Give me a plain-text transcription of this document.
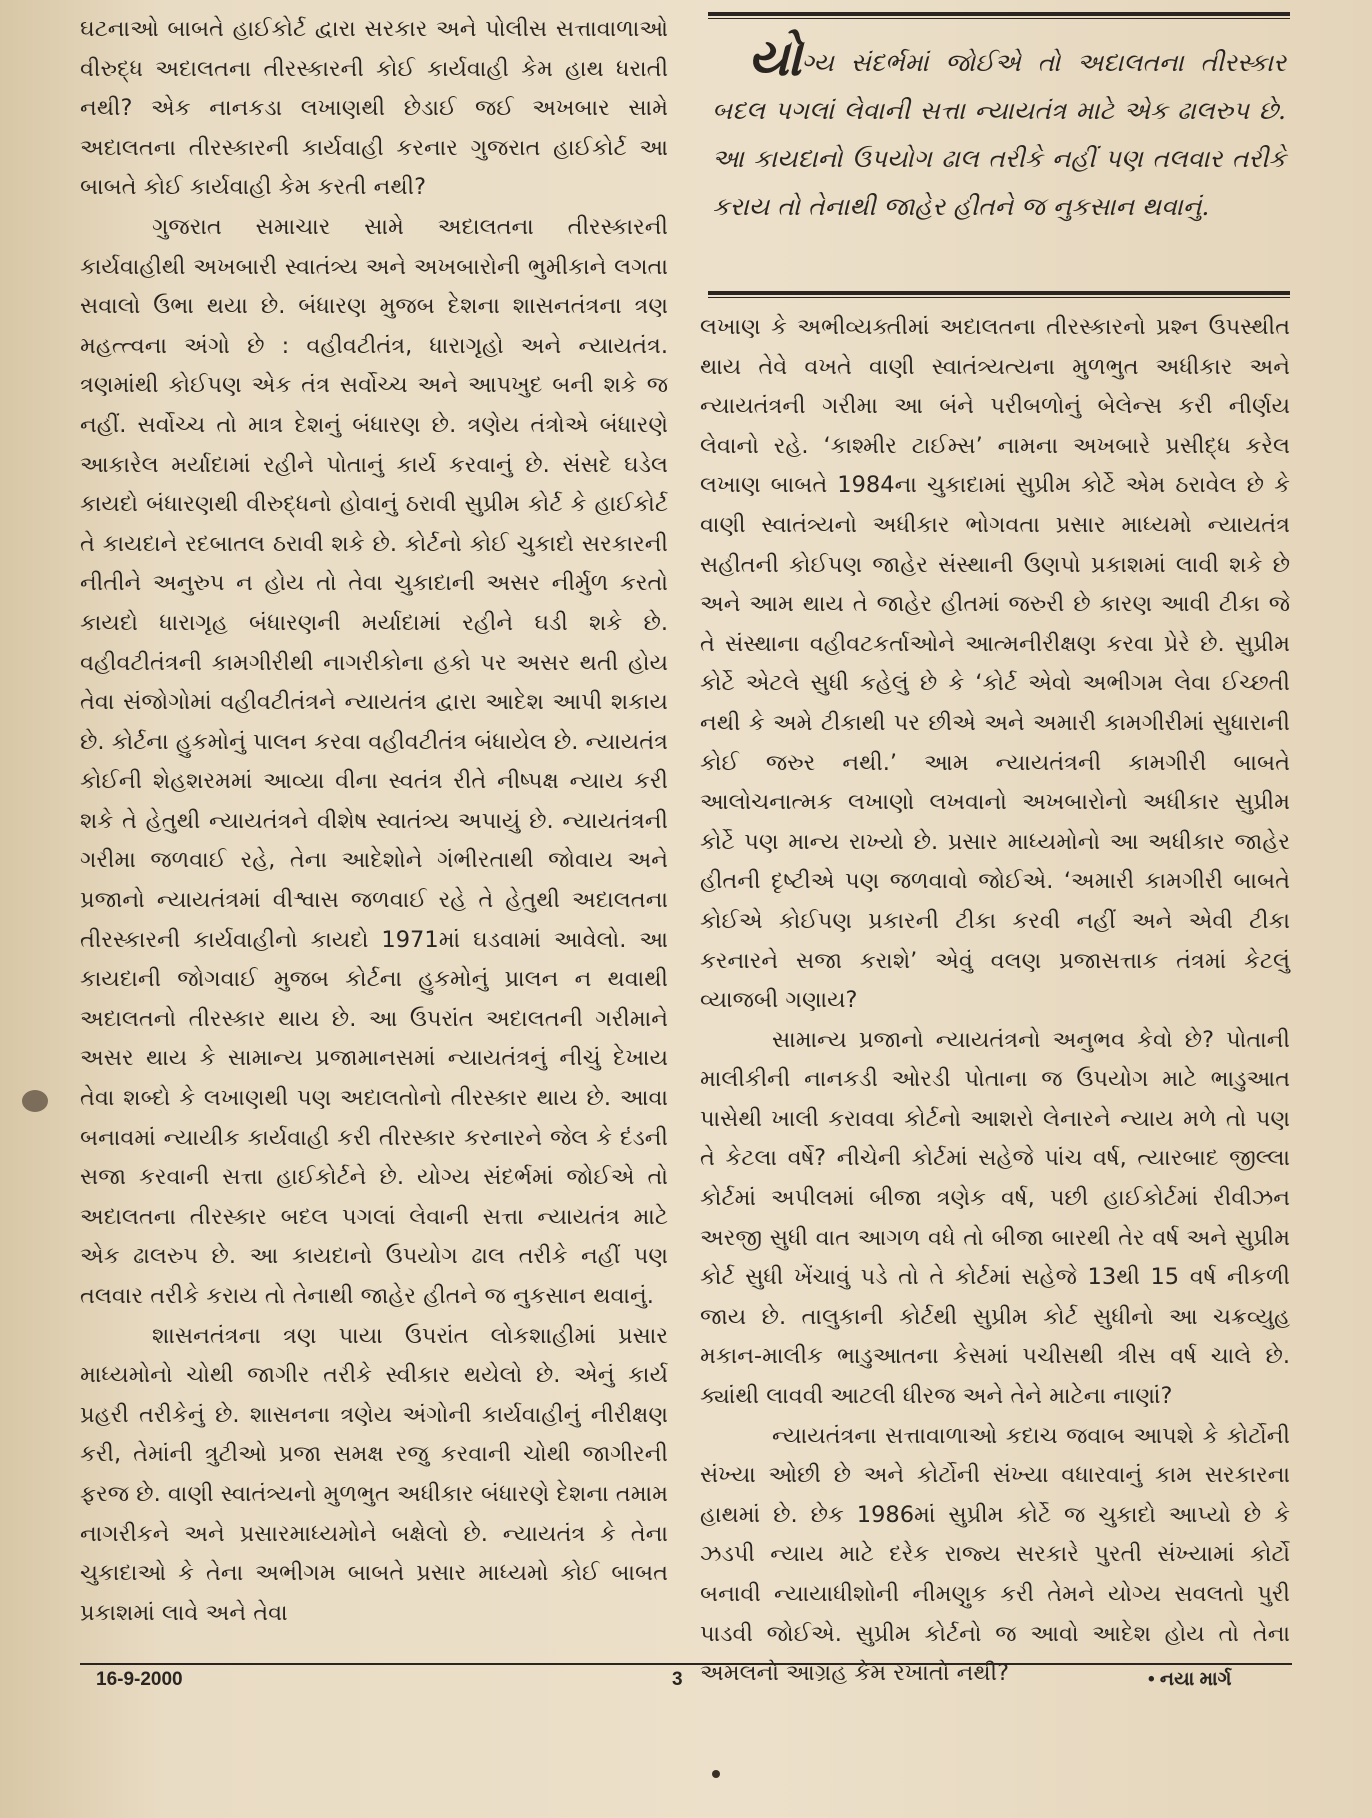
ઘટનાઓ બાબતે હાઈકોર્ટ દ્વારા સરકાર અને પોલીસ સત્તાવાળાઓ વીરુદ્ધ અદાલતના તીરસ્કારની કોઈ કાર્યવાહી કેમ હાથ ધરાતી નથી? એક નાનકડા લખાણથી છેડાઈ જઈ અખબાર સામે અદાલતના તીરસ્કારની કાર્યવાહી કરનાર ગુજરાત હાઈકોર્ટ આ બાબતે કોઈ કાર્યવાહી કેમ કરતી નથી?

ગુજરાત સમાચાર સામે અદાલતના તીરસ્કારની કાર્યવાહીથી અખબારી સ્વાતંત્ર્ય અને અખબારોની ભુમીકાને લગતા સવાલો ઉભા થયા છે. બંધારણ મુજબ દેશના શાસનતંત્રના ત્રણ મહત્ત્વના અંગો છે : વહીવટીતંત્ર, ધારાગૃહો અને ન્યાયતંત્ર. ત્રણમાંથી કોઈપણ એક તંત્ર સર્વોચ્ચ અને આપખુદ બની શકે જ નહીં. સર્વોચ્ચ તો માત્ર દેશનું બંધારણ છે. ત્રણેય તંત્રોએ બંધારણે આકારેલ મર્યાદામાં રહીને પોતાનું કાર્ય કરવાનું છે. સંસદે ઘડેલ કાયદો બંધારણથી વીરુદ્ધનો હોવાનું ઠરાવી સુપ્રીમ કોર્ટ કે હાઈકોર્ટ તે કાયદાને રદબાતલ ઠરાવી શકે છે. કોર્ટનો કોઈ ચુકાદો સરકારની નીતીને અનુરુપ ન હોય તો તેવા ચુકાદાની અસર નીર્મુળ કરતો કાયદો ધારાગૃહ બંધારણની મર્યાદામાં રહીને ઘડી શકે છે. વહીવટીતંત્રની કામગીરીથી નાગરીકોના હકો પર અસર થતી હોય તેવા સંજોગોમાં વહીવટીતંત્રને ન્યાયતંત્ર દ્વારા આદેશ આપી શકાય છે. કોર્ટના હુકમોનું પાલન કરવા વહીવટીતંત્ર બંધાયેલ છે. ન્યાયતંત્ર કોઈની શેહશરમમાં આવ્યા વીના સ્વતંત્ર રીતે નીષ્પક્ષ ન્યાય કરી શકે તે હેતુથી ન્યાયતંત્રને વીશેષ સ્વાતંત્ર્ય અપાયું છે. ન્યાયતંત્રની ગરીમા જળવાઈ રહે, તેના આદેશોને ગંભીરતાથી જોવાય અને પ્રજાનો ન્યાયતંત્રમાં વીશ્વાસ જળવાઈ રહે તે હેતુથી અદાલતના તીરસ્કારની કાર્યવાહીનો કાયદો 1971માં ઘડવામાં આવેલો. આ કાયદાની જોગવાઈ મુજબ કોર્ટના હુકમોનું પ્રાલન ન થવાથી અદાલતનો તીરસ્કાર થાય છે. આ ઉપરાંત અદાલતની ગરીમાને અસર થાય કે સામાન્ય પ્રજામાનસમાં ન્યાયતંત્રનું નીચું દેખાય તેવા શબ્દો કે લખાણથી પણ અદાલતોનો તીરસ્કાર થાય છે. આવા બનાવમાં ન્યાયીક કાર્યવાહી કરી તીરસ્કાર કરનારને જેલ કે દંડની સજા કરવાની સત્તા હાઈકોર્ટને છે. યોગ્ય સંદર્ભમાં જોઈએ તો અદાલતના તીરસ્કાર બદલ પગલાં લેવાની સત્તા ન્યાયતંત્ર માટે એક ઢાલરુપ છે. આ કાયદાનો ઉપયોગ ઢાલ તરીકે નહીં પણ તલવાર તરીકે કરાય તો તેનાથી જાહેર હીતને જ નુકસાન થવાનું.

શાસનતંત્રના ત્રણ પાયા ઉપરાંત લોકશાહીમાં પ્રસાર માધ્યમોનો ચોથી જાગીર તરીકે સ્વીકાર થયેલો છે. એનું કાર્ય પ્રહરી તરીકેનું છે. શાસનના ત્રણેય અંગોની કાર્યવાહીનું નીરીક્ષણ કરી, તેમાંની ત્રુટીઓ પ્રજા સમક્ષ રજુ કરવાની ચોથી જાગીરની ફરજ છે. વાણી સ્વાતંત્ર્યનો મુળભુત અધીકાર બંધારણે દેશના તમામ નાગરીકને અને પ્રસારમાધ્યમોને બક્ષેલો છે. ન્યાયતંત્ર કે તેના ચુકાદાઓ કે તેના અભીગમ બાબતે પ્રસાર માધ્યમો કોઈ બાબત પ્રકાશમાં લાવે અને તેવા

યોગ્ય સંદર્ભમાં જોઈએ તો અદાલતના તીરસ્કાર બદલ પગલાં લેવાની સત્તા ન્યાયતંત્ર માટે એક ઢાલરુપ છે. આ કાયદાનો ઉપયોગ ઢાલ તરીકે નહીં પણ તલવાર તરીકે કરાય તો તેનાથી જાહેર હીતને જ નુકસાન થવાનું.

લખાણ કે અભીવ્યક્તીમાં અદાલતના તીરસ્કારનો પ્રશ્ન ઉપસ્થીત થાય તેવે વખતે વાણી સ્વાતંત્ર્યત્યના મુળભુત અધીકાર અને ન્યાયતંત્રની ગરીમા આ બંને પરીબળોનું બેલેન્સ કરી નીર્ણય લેવાનો રહે. ‘કાશ્મીર ટાઈમ્સ’ નામના અખબારે પ્રસીદ્ધ કરેલ લખાણ બાબતે 1984ના ચુકાદામાં સુપ્રીમ કોર્ટે એમ ઠરાવેલ છે કે વાણી સ્વાતંત્ર્યનો અધીકાર ભોગવતા પ્રસાર માધ્યમો ન્યાયતંત્ર સહીતની કોઈપણ જાહેર સંસ્થાની ઉણપો પ્રકાશમાં લાવી શકે છે અને આમ થાય તે જાહેર હીતમાં જરુરી છે કારણ આવી ટીકા જે તે સંસ્થાના વહીવટકર્તાઓને આત્મનીરીક્ષણ કરવા પ્રેરે છે. સુપ્રીમ કોર્ટે એટલે સુધી કહેલું છે કે ‘કોર્ટ એવો અભીગમ લેવા ઈચ્છતી નથી કે અમે ટીકાથી પર છીએ અને અમારી કામગીરીમાં સુધારાની કોઈ જરુર નથી.’ આમ ન્યાયતંત્રની કામગીરી બાબતે આલોચનાત્મક લખાણો લખવાનો અખબારોનો અધીકાર સુપ્રીમ કોર્ટે પણ માન્ય રાખ્યો છે. પ્રસાર માધ્યમોનો આ અધીકાર જાહેર હીતની દૃષ્ટીએ પણ જળવાવો જોઈએ. ‘અમારી કામગીરી બાબતે કોઈએ કોઈપણ પ્રકારની ટીકા કરવી નહીં અને એવી ટીકા કરનારને સજા કરાશે’ એવું વલણ પ્રજાસત્તાક તંત્રમાં કેટલું વ્યાજબી ગણાય?

સામાન્ય પ્રજાનો ન્યાયતંત્રનો અનુભવ કેવો છે? પોતાની માલીકીની નાનકડી ઓરડી પોતાના જ ઉપયોગ માટે ભાડુઆત પાસેથી ખાલી કરાવવા કોર્ટનો આશરો લેનારને ન્યાય મળે તો પણ તે કેટલા વર્ષે? નીચેની કોર્ટમાં સહેજે પાંચ વર્ષ, ત્યારબાદ જીલ્લા કોર્ટમાં અપીલમાં બીજા ત્રણેક વર્ષ, પછી હાઈકોર્ટમાં રીવીઝન અરજી સુધી વાત આગળ વધે તો બીજા બારથી તેર વર્ષ અને સુપ્રીમ કોર્ટ સુધી ખેંચાવું પડે તો તે કોર્ટમાં સહેજે 13થી 15 વર્ષ નીકળી જાય છે. તાલુકાની કોર્ટથી સુપ્રીમ કોર્ટ સુધીનો આ ચક્રવ્યુહ મકાન-માલીક ભાડુઆતના કેસમાં પચીસથી ત્રીસ વર્ષ ચાલે છે. ક્યાંથી લાવવી આટલી ધીરજ અને તેને માટેના નાણાં?

ન્યાયતંત્રના સત્તાવાળાઓ કદાચ જવાબ આપશે કે કોર્ટોની સંખ્યા ઓછી છે અને કોર્ટોની સંખ્યા વધારવાનું કામ સરકારના હાથમાં છે. છેક 1986માં સુપ્રીમ કોર્ટે જ ચુકાદો આપ્યો છે કે ઝડપી ન્યાય માટે દરેક રાજ્ય સરકારે પુરતી સંખ્યામાં કોર્ટો બનાવી ન્યાયાધીશોની નીમણુક કરી તેમને યોગ્ય સવલતો પુરી પાડવી જોઈએ. સુપ્રીમ કોર્ટનો જ આવો આદેશ હોય તો તેના અમલનો આગ્રહ કેમ રખાતો નથી?

16-9-2000	3	• નયા માર્ગ
